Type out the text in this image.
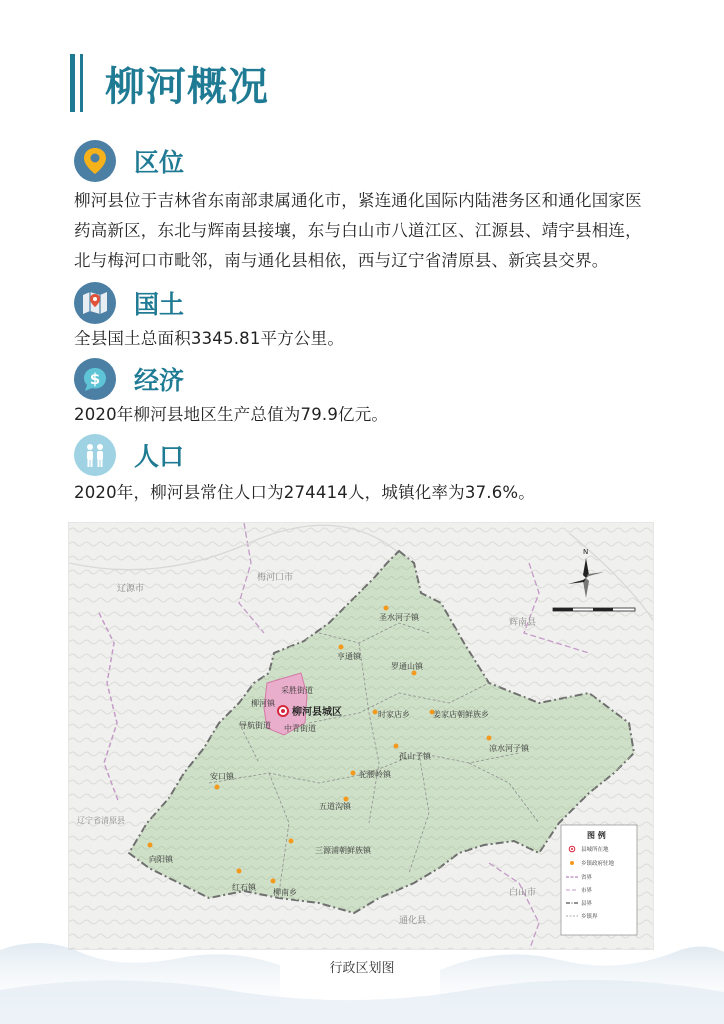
柳河概况
区位
柳河县位于吉林省东南部隶属通化市，紧连通化国际内陆港务区和通化国家医药高新区，东北与辉南县接壤，东与白山市八道江区、江源县、靖宇县相连，北与梅河口市毗邻，南与通化县相依，西与辽宁省清原县、新宾县交界。
国土
全县国土总面积3345.81平方公里。
$ 经济
2020年柳河县地区生产总值为79.9亿元。
人口
2020年，柳河县常住人口为274414人，城镇化率为37.6%。
辽源市
梅河口市
辉南县
白山市
通化县
辽宁省清原县
柳河县城区
圣水河子镇
亨通镇
罗通山镇
采胜街道
柳河镇
导航街道 中青街道
时家店乡	姜家店朝鲜族乡
孤山子镇
凉水河子镇
安口镇	驼腰岭镇
五道沟镇
三源浦朝鲜族镇
向阳镇
红石镇
柳南乡
N
图 例
县城所在地
乡镇政府驻地
省界
市界
县界
乡镇界
行政区划图
